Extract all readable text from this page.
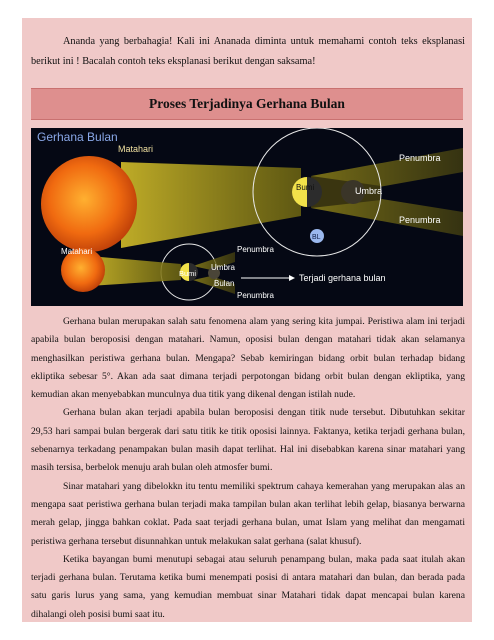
Ananda yang berbahagia! Kali ini Ananada diminta untuk memahami contoh teks eksplanasi berikut ini ! Bacalah contoh teks eksplanasi berikut dengan saksama!

Proses Terjadinya Gerhana Bulan
Gerhana Bulan
Matahari
Bumi	Umbra
Penumbra
Penumbra
BL
Matahari
Bumi
Umbra
Bulan
Penumbra
Penumbra
Terjadi gerhana bulan

Gerhana bulan merupakan salah satu fenomena alam yang sering kita jumpai. Peristiwa alam ini terjadi apabila bulan beroposisi dengan matahari. Namun, oposisi bulan dengan matahari tidak akan selamanya menghasilkan peristiwa gerhana bulan. Mengapa? Sebab kemiringan bidang orbit bulan terhadap bidang ekliptika sebesar 5°. Akan ada saat dimana terjadi perpotongan bidang orbit bulan dengan ekliptika, yang kemudian akan menyebabkan munculnya dua titik yang dikenal dengan istilah nude.

Gerhana bulan akan terjadi apabila bulan beroposisi dengan titik nude tersebut. Dibutuhkan sekitar 29,53 hari sampai bulan bergerak dari satu titik ke titik oposisi lainnya. Faktanya, ketika terjadi gerhana bulan, sebenarnya terkadang penampakan bulan masih dapat terlihat. Hal ini disebabkan karena sinar matahari yang masih tersisa, berbelok menuju arah bulan oleh atmosfer bumi.

Sinar matahari yang dibelokkn itu tentu memiliki spektrum cahaya kemerahan yang merupakan alas an mengapa saat peristiwa gerhana bulan terjadi maka tampilan bulan akan terlihat lebih gelap, biasanya berwarna merah gelap, jingga bahkan coklat. Pada saat terjadi gerhana bulan, umat Islam yang melihat dan mengamati peristiwa gerhana tersebut disunnahkan untuk melakukan salat gerhana (salat khusuf).

Ketika bayangan bumi menutupi sebagai atau seluruh penampang bulan, maka pada saat itulah akan terjadi gerhana bulan. Terutama ketika bumi menempati posisi di antara matahari dan bulan, dan berada pada satu garis lurus yang sama, yang kemudian membuat sinar Matahari tidak dapat mencapai bulan karena dihalangi oleh posisi bumi saat itu.
